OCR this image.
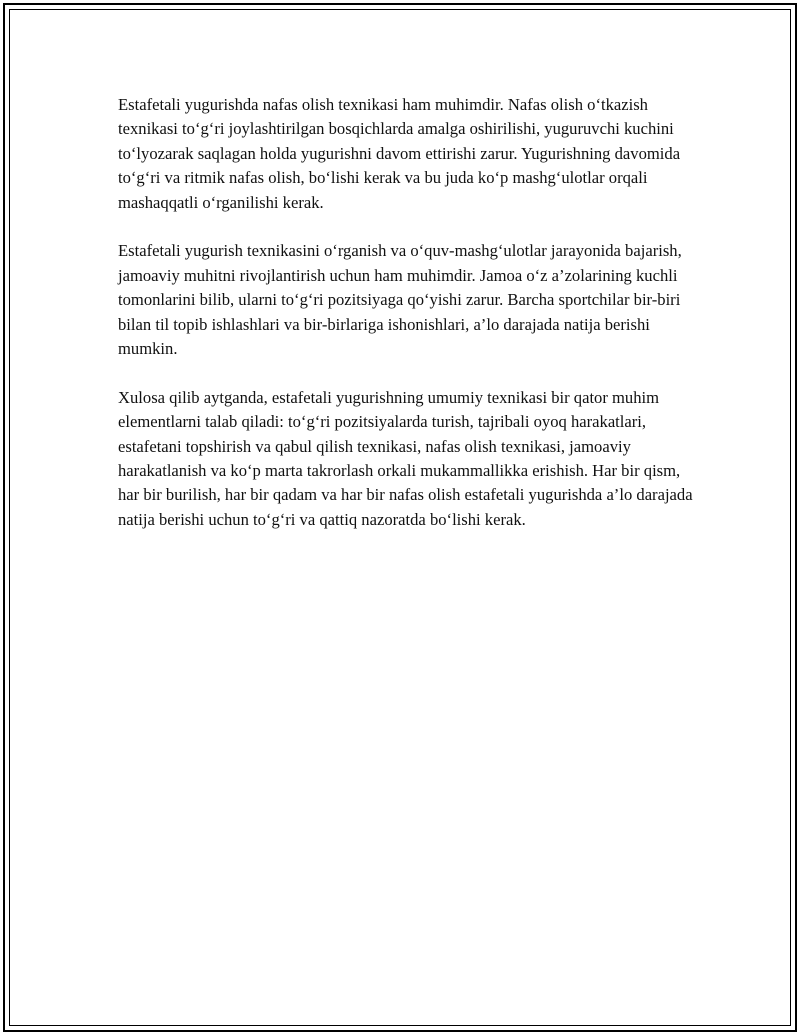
Estafetali yugurishda nafas olish texnikasi ham muhimdir. Nafas olish o‘tkazish texnikasi to‘g‘ri joylashtirilgan bosqichlarda amalga oshirilishi, yuguruvchi kuchini to‘lyozarak saqlagan holda yugurishni davom ettirishi zarur. Yugurishning davomida to‘g‘ri va ritmik nafas olish, bo‘lishi kerak va bu juda ko‘p mashg‘ulotlar orqali mashaqqatli o‘rganilishi kerak.

Estafetali yugurish texnikasini o‘rganish va o‘quv-mashg‘ulotlar jarayonida bajarish, jamoaviy muhitni rivojlantirish uchun ham muhimdir. Jamoa o‘z a’zolarining kuchli tomonlarini bilib, ularni to‘g‘ri pozitsiyaga qo‘yishi zarur. Barcha sportchilar bir-biri bilan til topib ishlashlari va bir-birlariga ishonishlari, a’lo darajada natija berishi mumkin.

Xulosa qilib aytganda, estafetali yugurishning umumiy texnikasi bir qator muhim elementlarni talab qiladi: to‘g‘ri pozitsiyalarda turish, tajribali oyoq harakatlari, estafetani topshirish va qabul qilish texnikasi, nafas olish texnikasi, jamoaviy harakatlanish va ko‘p marta takrorlash orkali mukammallikka erishish. Har bir qism, har bir burilish, har bir qadam va har bir nafas olish estafetali yugurishda a’lo darajada natija berishi uchun to‘g‘ri va qattiq nazoratda bo‘lishi kerak.
